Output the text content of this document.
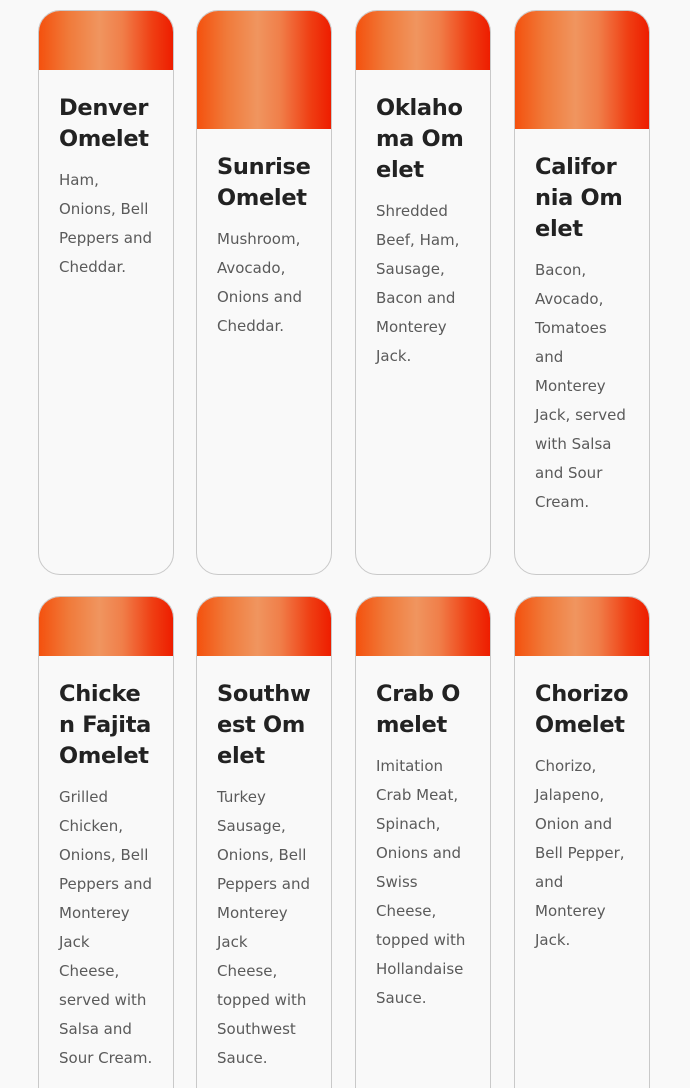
Denver Omelet

Ham, Onions, Bell Peppers and Cheddar.

Sunrise Omelet

Mushroom, Avocado, Onions and Cheddar.

Oklahoma Omelet

Shredded Beef, Ham, Sausage, Bacon and Monterey Jack.

California Omelet

Bacon, Avocado, Tomatoes and Monterey Jack, served with Salsa and Sour Cream.

Chicken Fajita Omelet

Grilled Chicken, Onions, Bell Peppers and Monterey Jack Cheese, served with Salsa and Sour Cream.

Southwest Omelet

Turkey Sausage, Onions, Bell Peppers and Monterey Jack Cheese, topped with Southwest Sauce.

Crab Omelet

Imitation Crab Meat, Spinach, Onions and Swiss Cheese, topped with Hollandaise Sauce.

Chorizo Omelet

Chorizo, Jalapeno, Onion and Bell Pepper, and Monterey Jack.
